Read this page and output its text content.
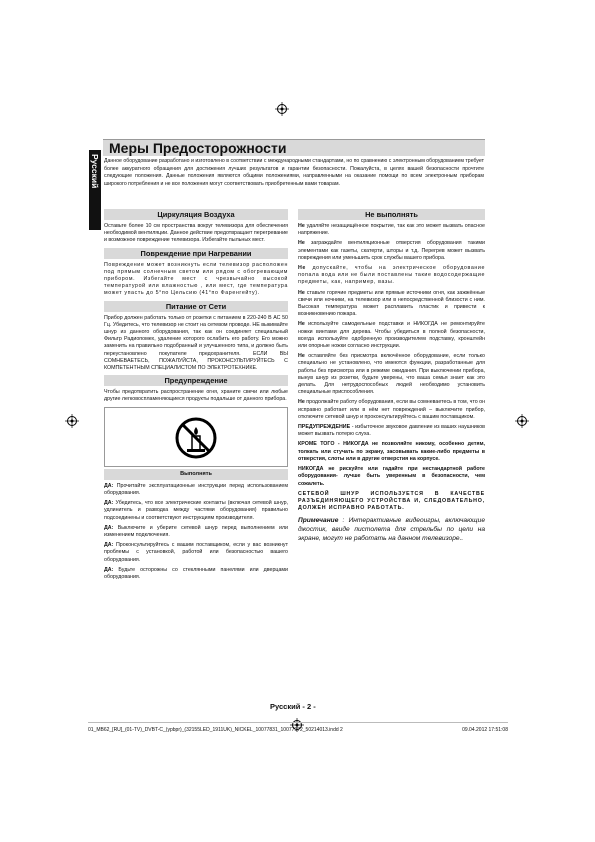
Русский
Меры Предосторожности
Данное оборудование разработано и изготовлено в соответствии с международными стандартами, но по сравнению с электронным оборудованием требует более аккуратного обращения для достижения лучших результатов и гарантии безопасности. Пожалуйста, в целях вашей безопасности прочтите следующие положения. Данные положения являются общими положениями, направленными на оказание помощи по всем электронным приборам широкого потребления и не все положения могут соответствовать приобретенным вами товарам.
Циркуляция Воздуха

Оставьте более 10 см пространства вокруг телевизора для обеспечения необходимой вентиляции. Данное действие предотвращает перегревание и возможное повреждение телевизора. Избегайте пыльных мест.

Повреждение при Нагревании

Повреждение может возникнуть если телевизор расположен под прямым солнечным светом или рядом с обогревающим прибором. Избегайте мест с чрезвычайно высокой температурой или влажностью , или мест, где температура может упасть до 5°по Цельсию (41°по Фаренгейту).

Питание от Сети

Прибор должен работать только от розетки с питанием в 220-240 В АС 50 Гц. Убедитесь, что телевизор не стоит на сетевом проводе. НЕ выкимайте шнур из данного оборудования, так как он соединяет специальный Фильтр Радиопомех, удаление которого ослабить его работу. Его можно заменить на правильно подобранный и улучшенного типа, и должно быть переустановлено покупателе предохранителя. ЕСЛИ ВЫ СОМНЕВАЕТЕСЬ, ПОЖАЛУЙСТА, ПРОКОНСУЛЬТИРУЙТЕСЬ С КОМПЕТЕНТНЫМ СПЕЦИАЛИСТОМ ПО ЭЛЕКТРОТЕХНИКЕ.

Предупреждение

Чтобы предотвратить распространение огня, храните свечи или любые другие легковоспламеняющиеся продукты подальше от данного прибора.

Выполнять

ДА: Прочитайте эксплуатационные инструкции перед использованием оборудования.

ДА: Убедитесь, что все электрические контакты (включая сетевой шнур, удлинитель и разводка между частями оборудования) правильно подсоединены и соответствуют инструкциям производителя.

ДА: Выключите и уберите сетевой шнур перед выполнением или изменением подключения.

ДА: Проконсультируйтесь с вашим поставщиком, если у вас возникнут проблемы с установкой, работой или безопасностью вашего оборудования.

ДА: Будьте осторожны со стеклянными панелями или дверцами оборудования.

Не выполнять

Не удаляйте незащищённое покрытие, так как это может вызвать опасное напряжение.

Не заграждайте вентиляционные отверстия оборудования такими элементами как газеты, скатерти, шторы и т.д. Перегрев может вызвать повреждения или уменьшить срок службы вашего прибора.

Не допускайте, чтобы на электрическое оборудование попала вода или не были поставлены такие водосодержащие предметы, как, например, вазы.

Не ставьте горячие предметы или прямые источники огня, как зажжённые свечи или ночники, на телевизор или в непосредственной близости с ним. Высокая температура может расплавить пластик и привести к возникновению пожара.

Не используйте самодельные подставки и НИКОГДА не ремонтируйте ножки винтами для дерева. Чтобы убедиться в полной безопасности, всегда используйте одобренную производителем подставку, кронштейн или опорные ножки согласно инструкции.

Не оставляйте без присмотра включённое оборудование, если только специально не установлено, что имеются функции, разработанные для работы без присмотра или в режиме ожидания. При выключении прибора, вынув шнур из розетки, будьте уверены, что ваша семья знает как это делать. Для нетрудоспособных людей необходимо установить специальные приспособления.

Не продолжайте работу оборудования, если вы сомневаетесь в том, что он исправно работает или в нём нет повреждений – выключите прибор, отключите сетевой шнур и проконсультируйтесь с вашим поставщиком.

ПРЕДУПРЕЖДЕНИЕ - избыточное звуковое давление из ваших наушников может вызвать потерю слуха.

КРОМЕ ТОГО - НИКОГДА не позволяйте никому, особенно детям, толкать или стучать по экрану, засовывать какие-либо предметы в отверстия, слоты или в другие отверстия на корпусе.

НИКОГДА не рискуйте или гадайте при нестандартной работе оборудования- лучше быть уверенным в безопасности, чем сожалеть.

СЕТЕВОЙ ШНУР ИСПОЛЬЗУЕТСЯ В КАЧЕСТВЕ РАЗЪЕДИНЯЮЩЕГО УСТРОЙСТВА И, СЛЕДОВАТЕЛЬНО, ДОЛЖЕН ИСПРАВНО РАБОТАТЬ.

Примечание : Интерактивные видеоигры, включающие джостик, ввиде пистолета для стрельбы по цели на экране, могут не работать на данном телевизоре..

Русский - 2 -
01_MB62_[RU]_(01-TV)_DVBT-C_(ypbpr)_(32155LED_1911UK)_NICKEL_10077831_10077972_50214013.indd 2	09.04.2012 17:51:08
